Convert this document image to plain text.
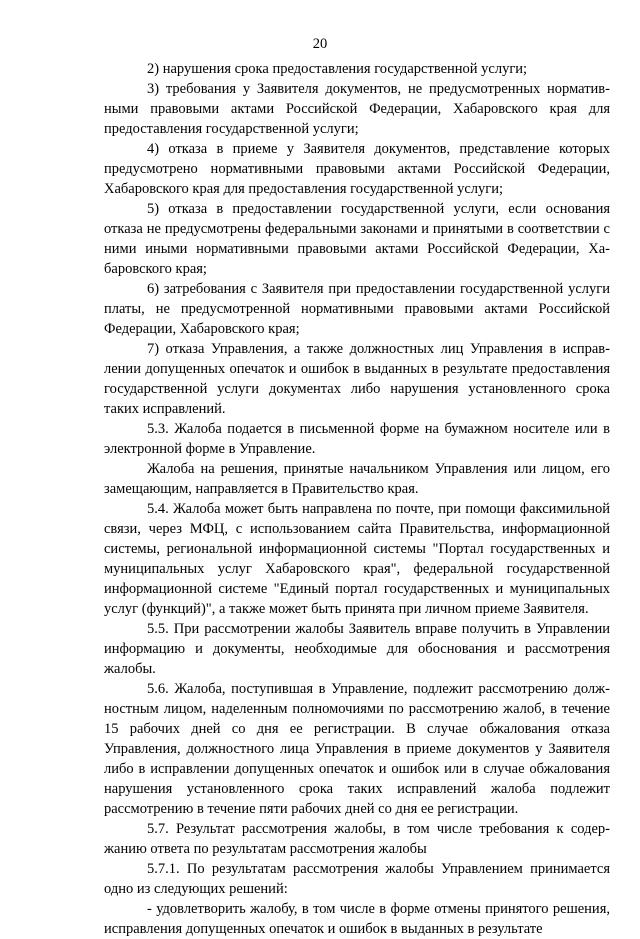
20

2) нарушения срока предоставления государственной услуги;

3) требования у Заявителя документов, не предусмотренных нормативными правовыми актами Российской Федерации, Хабаровского края для предоставления государственной услуги;

4) отказа в приеме у Заявителя документов, представление которых предусмотрено нормативными правовыми актами Российской Федерации, Хабаровского края для предоставления государственной услуги;

5) отказа в предоставлении государственной услуги, если основания отказа не предусмотрены федеральными законами и принятыми в соответствии с ними иными нормативными правовыми актами Российской Федерации, Хабаровского края;

6) затребования с Заявителя при предоставлении государственной услуги платы, не предусмотренной нормативными правовыми актами Российской Федерации, Хабаровского края;

7) отказа Управления, а также должностных лиц Управления в исправлении допущенных опечаток и ошибок в выданных в результате предоставления государственной услуги документах либо нарушения установленного срока таких исправлений.

5.3. Жалоба подается в письменной форме на бумажном носителе или в электронной форме в Управление.

Жалоба на решения, принятые начальником Управления или лицом, его замещающим, направляется в Правительство края.

5.4. Жалоба может быть направлена по почте, при помощи факсимильной связи, через МФЦ, с использованием сайта Правительства, информационной системы, региональной информационной системы "Портал государственных и муниципальных услуг Хабаровского края", федеральной государственной информационной системе "Единый портал государственных и муниципальных услуг (функций)", а также может быть принята при личном приеме Заявителя.

5.5. При рассмотрении жалобы Заявитель вправе получить в Управлении информацию и документы, необходимые для обоснования и рассмотрения жалобы.

5.6. Жалоба, поступившая в Управление, подлежит рассмотрению должностным лицом, наделенным полномочиями по рассмотрению жалоб, в течение 15 рабочих дней со дня ее регистрации. В случае обжалования отказа Управления, должностного лица Управления в приеме документов у Заявителя либо в исправлении допущенных опечаток и ошибок или в случае обжалования нарушения установленного срока таких исправлений жалоба подлежит рассмотрению в течение пяти рабочих дней со дня ее регистрации.

5.7. Результат рассмотрения жалобы, в том числе требования к содержанию ответа по результатам рассмотрения жалобы

5.7.1. По результатам рассмотрения жалобы Управлением принимается одно из следующих решений:

- удовлетворить жалобу, в том числе в форме отмены принятого решения, исправления допущенных опечаток и ошибок в выданных в результате
